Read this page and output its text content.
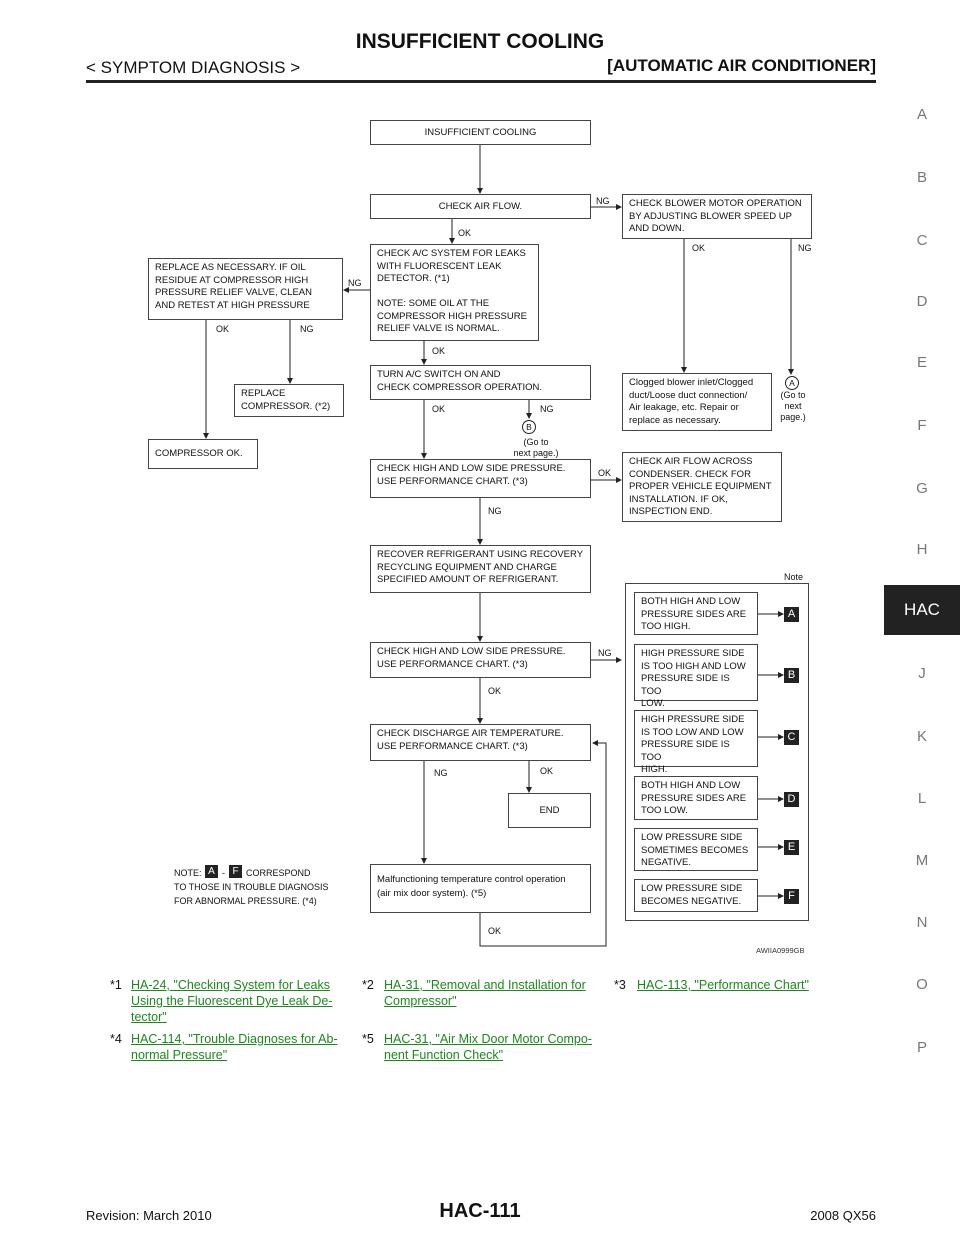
INSUFFICIENT COOLING
< SYMPTOM DIAGNOSIS >	[AUTOMATIC AIR CONDITIONER]
A
B
C
D
E
F
G
H
HAC
J
K
L
M
N
O
P
INSUFFICIENT COOLING
CHECK AIR FLOW.	CHECK BLOWER MOTOR OPERATION
BY ADJUSTING BLOWER SPEED UP
AND DOWN.
CHECK A/C SYSTEM FOR LEAKS
WITH FLUORESCENT LEAK
DETECTOR. (*1)

NOTE: SOME OIL AT THE
COMPRESSOR HIGH PRESSURE
RELIEF VALVE IS NORMAL.
REPLACE AS NECESSARY. IF OIL
RESIDUE AT COMPRESSOR HIGH
PRESSURE RELIEF VALVE, CLEAN
AND RETEST AT HIGH PRESSURE
TURN A/C SWITCH ON AND
CHECK COMPRESSOR OPERATION.	Clogged blower inlet/Clogged
duct/Loose duct connection/
Air leakage, etc. Repair or
replace as necessary.
REPLACE
COMPRESSOR. (*2)
COMPRESSOR OK.
CHECK HIGH AND LOW SIDE PRESSURE.
USE PERFORMANCE CHART. (*3)
CHECK AIR FLOW ACROSS
CONDENSER. CHECK FOR
PROPER VEHICLE EQUIPMENT
INSTALLATION. IF OK,
INSPECTION END.
RECOVER REFRIGERANT USING RECOVERY
RECYCLING EQUIPMENT AND CHARGE
SPECIFIED AMOUNT OF REFRIGERANT.
CHECK HIGH AND LOW SIDE PRESSURE.
USE PERFORMANCE CHART. (*3)
CHECK DISCHARGE AIR TEMPERATURE.
USE PERFORMANCE CHART. (*3)
END
Malfunctioning temperature control operation
(air mix door system). (*5)
NG
OK
NG
OK	NG
OK	NG
OK
OK	NG
B
(Go to
next page.)
A
(Go to
next
page.)
OK
NG
NG
OK
NG	OK
OK
Note
BOTH HIGH AND LOW
PRESSURE SIDES ARE
TOO HIGH.
A
HIGH PRESSURE SIDE
IS TOO HIGH AND LOW
PRESSURE SIDE IS TOO
LOW.
B
HIGH PRESSURE SIDE
IS TOO LOW AND LOW
PRESSURE SIDE IS TOO
HIGH.
C
BOTH HIGH AND LOW
PRESSURE SIDES ARE
TOO LOW.
D
LOW PRESSURE SIDE
SOMETIMES BECOMES
NEGATIVE.
E
LOW PRESSURE SIDE
BECOMES NEGATIVE.	F
NOTE: A - F CORRESPOND
TO THOSE IN TROUBLE DIAGNOSIS
FOR ABNORMAL PRESSURE. (*4)
AWIIA0999GB
*1 HA-24, "Checking System for Leaks
Using the Fluorescent Dye Leak De-
tector"
*2 HA-31, "Removal and Installation for
Compressor"
*3 HAC-113, "Performance Chart"
*4 HAC-114, "Trouble Diagnoses for Ab-
normal Pressure"
*5 HAC-31, "Air Mix Door Motor Compo-
nent Function Check"
Revision: March 2010	HAC-111	2008 QX56
